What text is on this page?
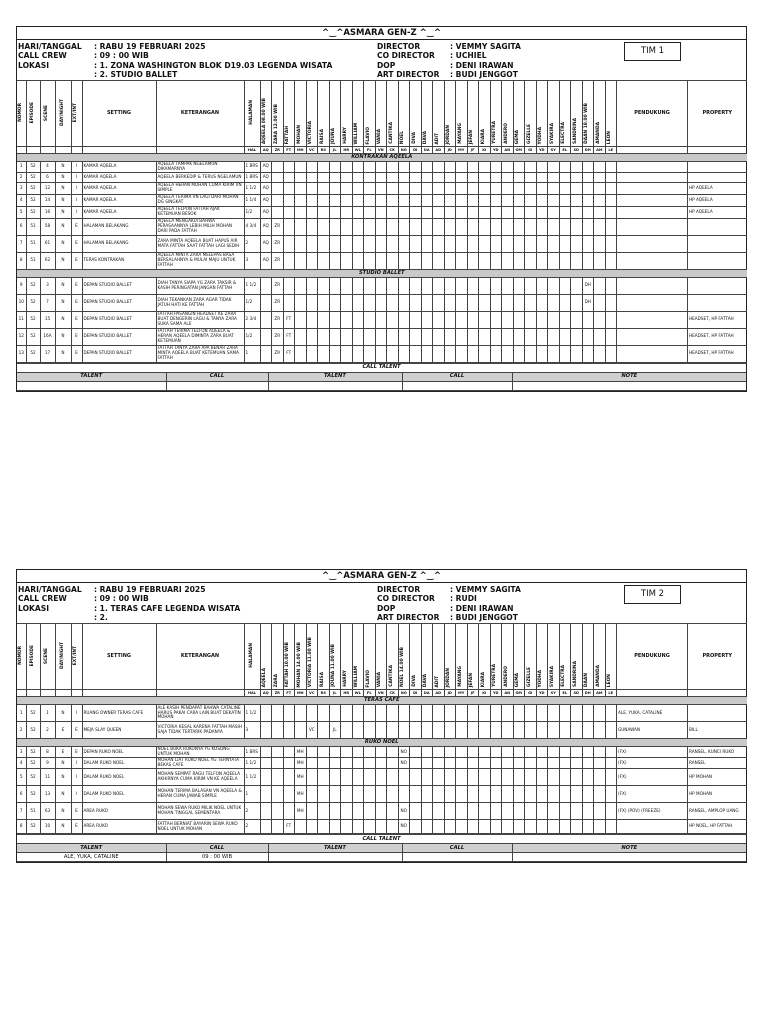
^‿^ASMARA GEN-Z ^‿^
HARI/TANGGAL
CALL CREW
LOKASI
: RABU 19 FEBRUARI 2025
: 09 : 00 WIB
: 1. ZONA WASHINGTON BLOK D19.03 LEGENDA WISATA
: 2. STUDIO BALLET
DIRECTOR
CO DIRECTOR
DOP
ART DIRECTOR
: VEMMY SAGITA
: UCHIEL
: DENI IRAWAN
: BUDI JENGGOT
TIM 1
NOMOR	EPISODE	SCENE	DAY/NIGHT	EXT/INT	SETTING	KETERANGAN	HALAMAN	AQEELA 08.00 WIB	ZARA 12.00 WIB	FATTAH	MOHAN	VICTORIA	RAISA	JOUNA	HARRY	WILLIAM	FLAVIO	VANIA	CANTIKA	NOEL	DIVA	DAVA	ADIT	JORDAN	MAYANG	JEFAN	KIARA	YURETRA	ANDERO	GEMA	GIZELLE	YODHA	SYAKIRA	ELECTRA	SANDRINA	DAAN 18.00 WIB	AMANDA	LEON	PENDUKUNG	PROPERTY
							HAL	AQ	ZR	FT	MH	VC	RS	JL	HR	WL	FL	VN	CK	NO	DI	DA	AD	JD	MY	JF	KI	YD	AN	GM	GI	YD	SY	EL	SD	DH	AM	LE		
KONTRAKAN AQEELA																																								
1	52	4	N	I	KAMAR AQEELA	AQEELA TAMPAK NGELAMUN DIKAMARNYA	1 BRS	AQ																																
2	52	6	N	I	KAMAR AQEELA	AQEELA BERKEDIP & TERUS NGELAMUN	1 BRS	AQ																																
3	52	12	N	I	KAMAR AQEELA	AQEELA HERAN MOHAN CUMA KIRIM VN SIMPLE	1 1/2	AQ																																HP AQEELA
4	52	14	N	I	KAMAR AQEELA	AQEELA TERIMA VN LAGI DARI MOHAN DG SINGKAT	1 1/4	AQ																																HP AQEELA
5	52	16	N	I	KAMAR AQEELA	AQEELA TELPON FATTAH AJAK KETEMUAN BESOK	1/2	AQ																																HP AQEELA
6	51	58	N	E	HALAMAN BELAKANG	AQEELA MENGAKUI BAHWA PERASAANNYA LEBIH MILIH MOHAN DARI PADA FATTAH	4 3/4	AQ	ZR																															
7	51	61	N	E	HALAMAN BELAKANG	ZARA MINTA AQEELA BUAT HAPUS AIR MATA FATTAH SAAT FATTAH LAGI SEDIH	2	AQ	ZR																															
8	51	62	N	E	TERAS KONTRAKAN	AQEELA MINTA ZARA MELEPAS BASA BERSALAHNYA & MULAI MAJU UNTUK FATTAH	3	AQ	ZR																															
STUDIO BALLET																																								
9	52	3	N	E	DEPAN STUDIO BALLET	DIAH TANYA SIAPA YG ZARA TAKSIR & KASIH PERINGATAN JANGAN FATTAH	1 1/2		ZR																											DH				
10	52	7	N	E	DEPAN STUDIO BALLET	DIAH TEKANKAN ZARA AGAR TIDAK JATUH HATI KE FATTAH	1/2		ZR																											DH				
11	52	15	N	E	DEPAN STUDIO BALLET	FATTAH PASANGIN HEADSET KE ZARA BUAT DENGERIN LAGU & TANYA ZARA SUKA SAMA ALE	2 3/4		ZR	FT																														HEADSET, HP FATTAH
12	52	16A	N	E	DEPAN STUDIO BALLET	FATTAH TERIMA TELFON AQEELA & HERAN AQEELA DIMINTA ZARA BUAT KETEMUAN	1/2		ZR	FT																														HEADSET, HP FATTAH
13	52	17	N	E	DEPAN STUDIO BALLET	FATTAH TANYA ZARA APA BENAR ZARA MINTA AQEELA BUAT KETEMUAN SAMA FATTAH	1		ZR	FT																														HEADSET, HP FATTAH
CALL TALENT				
TALENT	CALL	TALENT	CALL	NOTE

^‿^ASMARA GEN-Z ^‿^
HARI/TANGGAL
CALL CREW
LOKASI
: RABU 19 FEBRUARI 2025
: 09 : 00 WIB
: 1. TERAS CAFE LEGENDA WISATA
: 2.
DIRECTOR
CO DIRECTOR
DOP
ART DIRECTOR
: VEMMY SAGITA
: RUDI
: DENI IRAWAN
: BUDI JENGGOT
TIM 2
NOMOR	EPISODE	SCENE	DAY/NIGHT	EXT/INT	SETTING	KETERANGAN	HALAMAN	AQEELA	ZARA	FATTAH 10.00 WIB	MOHAN 14.00 WIB	VICTORIA 11.00 WIB	RAISA	JOUNA 11.00 WIB	HARRY	WILLIAM	FLAVIO	VANIA	CANTIKA	NOEL 14.00 WIB	DIVA	DAVA	ADIT	JORDAN	MAYANG	JEFAN	KIARA	YURETRA	ANDERO	GEMA	GIZELLE	YODHA	SYAKIRA	ELECTRA	SANDRINA	DAAN	AMANDA	LEON	PENDUKUNG	PROPERTY
							HAL	AQ	ZR	FT	MH	VC	RS	JL	HR	WL	FL	VN	CK	NO	DI	DA	AD	JD	MY	JF	KI	YD	AN	GM	GI	YD	SY	EL	SD	DH	AM	LE		
TERAS CAFE																																								
1	52	1	N	I	RUANG OWNER TERAS CAFE	ALE KASIH PENDAPAT BAHWA CATALINE HARUS PAKAI CARA LAIN BUAT DEKATIN MOHAN	1 1/2																																ALE, YUKA, CATALINE	
2	52	2	E	E	MEJA SLAY QUEEN	VICTORIA KESAL KARENA FATTAH MASIH SAJA TIDAK TERTARIK PADANYA	3					VC		JL																									GUNAWAN	BILL
RUKO NOEL																																								
3	52	8	E	E	DEPAN RUKO NOEL	NOEL BUKA RUKONYA YG KOSONG UNTUK MOHAN	1 BRS				MH									NO																			(FX)	RANSEL, KUNCI RUKO
4	52	9	N	I	DALAM RUKO NOEL	MOHAN LIAT RUKO NOEL YG TERNYATA BEKAS CAFE	1 1/2				MH									NO																			(FX)	RANSEL
5	52	11	N	I	DALAM RUKO NOEL	MOHAN SEMPAT RAGU TELFON AQEELA AKHIRNYA CUMA KIRIM VN KE AQEELA	1 1/2				MH																												(FX)	HP MOHAN
6	52	13	N	I	DALAM RUKO NOEL	MOHAN TERIMA BALASAN VN AQEELA & HERAN CUMA JAWAB SIMPLE	1				MH																												(FX)	HP MOHAN
7	51	63	N	E	AREA RUKO	MOHAN SEWA RUKO MILIK NOEL UNTUK MOHAN TINGGAL SEMENTARA	2				MH									NO																			(FX) (POV) (FREEZE)	RANSEL, AMPLOP UANG
8	52	10	N	E	AREA RUKO	FATTAH BERNIAT BAYARIN SEWA RUKO NOEL UNTUK MOHAN	2			FT										NO																				HP NOEL, HP FATTAH
CALL TALENT				
TALENT	CALL	TALENT	CALL	NOTE
ALE, YUKA, CATALINE	09 : 00 WIB			
